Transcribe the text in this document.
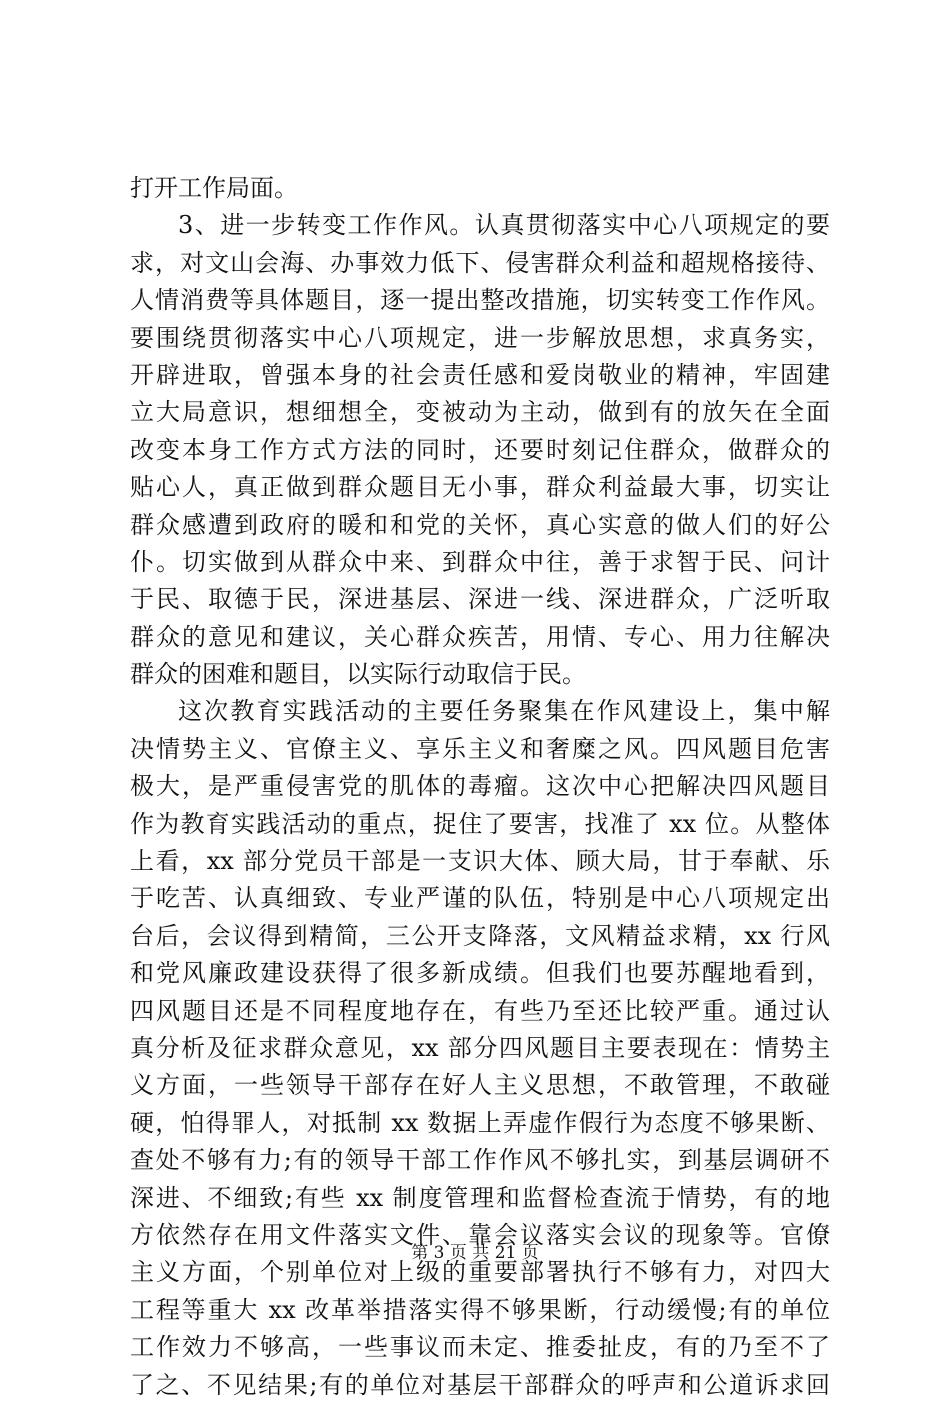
打开工作局面。
3、进一步转变工作作风。认真贯彻落实中心八项规定的要
求，对文山会海、办事效力低下、侵害群众利益和超规格接待、
人情消费等具体题目，逐一提出整改措施，切实转变工作作风。
要围绕贯彻落实中心八项规定，进一步解放思想，求真务实，
开辟进取，曾强本身的社会责任感和爱岗敬业的精神，牢固建
立大局意识，想细想全，变被动为主动，做到有的放矢在全面
改变本身工作方式方法的同时，还要时刻记住群众，做群众的
贴心人，真正做到群众题目无小事，群众利益最大事，切实让
群众感遭到政府的暖和和党的关怀，真心实意的做人们的好公
仆。切实做到从群众中来、到群众中往，善于求智于民、问计
于民、取德于民，深进基层、深进一线、深进群众，广泛听取
群众的意见和建议，关心群众疾苦，用情、专心、用力往解决
群众的困难和题目，以实际行动取信于民。
这次教育实践活动的主要任务聚集在作风建设上，集中解
决情势主义、官僚主义、享乐主义和奢糜之风。四风题目危害
极大，是严重侵害党的肌体的毒瘤。这次中心把解决四风题目
作为教育实践活动的重点，捉住了要害，找准了 xx 位。从整体
上看，xx 部分党员干部是一支识大体、顾大局，甘于奉献、乐
于吃苦、认真细致、专业严谨的队伍，特别是中心八项规定出
台后，会议得到精简，三公开支降落，文风精益求精，xx 行风
和党风廉政建设获得了很多新成绩。但我们也要苏醒地看到，
四风题目还是不同程度地存在，有些乃至还比较严重。通过认
真分析及征求群众意见，xx 部分四风题目主要表现在：情势主
义方面，一些领导干部存在好人主义思想，不敢管理，不敢碰
硬，怕得罪人，对抵制 xx 数据上弄虚作假行为态度不够果断、
查处不够有力;有的领导干部工作作风不够扎实，到基层调研不
深进、不细致;有些 xx 制度管理和监督检查流于情势，有的地
方依然存在用文件落实文件、靠会议落实会议的现象等。官僚
主义方面，个别单位对上级的重要部署执行不够有力，对四大
工程等重大 xx 改革举措落实得不够果断，行动缓慢;有的单位
工作效力不够高，一些事议而未定、推委扯皮，有的乃至不了
了之、不见结果;有的单位对基层干部群众的呼声和公道诉求回
第 3 页 共 21 页
